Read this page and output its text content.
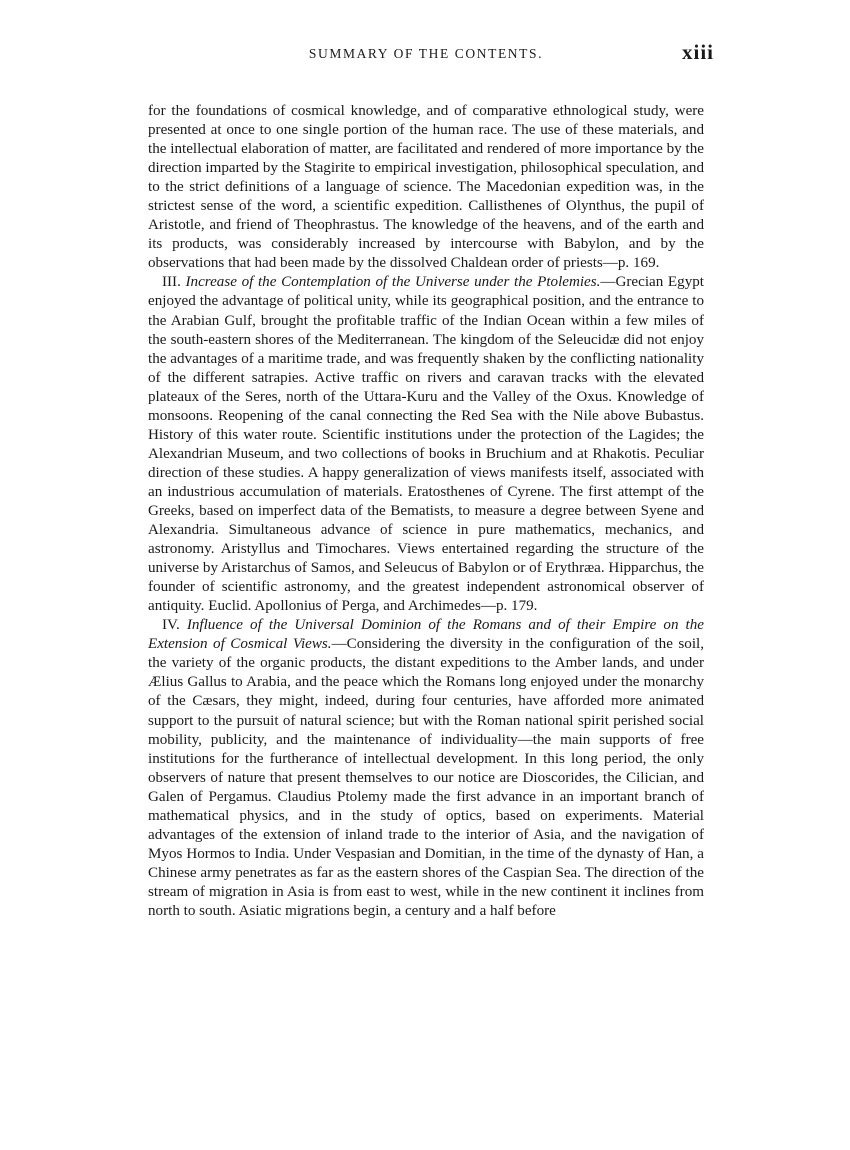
SUMMARY OF THE CONTENTS.	xiii

for the foundations of cosmical knowledge, and of comparative ethnological study, were presented at once to one single portion of the human race. The use of these materials, and the intellectual elaboration of matter, are facilitated and rendered of more importance by the direction imparted by the Stagirite to empirical investigation, philosophical speculation, and to the strict definitions of a language of science. The Macedonian expedition was, in the strictest sense of the word, a scientific expedition. Callisthenes of Olynthus, the pupil of Aristotle, and friend of Theophrastus. The knowledge of the heavens, and of the earth and its products, was considerably increased by intercourse with Babylon, and by the observations that had been made by the dissolved Chaldean order of priests—p. 169.

III. Increase of the Contemplation of the Universe under the Ptolemies.—Grecian Egypt enjoyed the advantage of political unity, while its geographical position, and the entrance to the Arabian Gulf, brought the profitable traffic of the Indian Ocean within a few miles of the south-eastern shores of the Mediterranean. The kingdom of the Seleucidæ did not enjoy the advantages of a maritime trade, and was frequently shaken by the conflicting nationality of the different satrapies. Active traffic on rivers and caravan tracks with the elevated plateaux of the Seres, north of the Uttara-Kuru and the Valley of the Oxus. Knowledge of monsoons. Reopening of the canal connecting the Red Sea with the Nile above Bubastus. History of this water route. Scientific institutions under the protection of the Lagides; the Alexandrian Museum, and two collections of books in Bruchium and at Rhakotis. Peculiar direction of these studies. A happy generalization of views manifests itself, associated with an industrious accumulation of materials. Eratosthenes of Cyrene. The first attempt of the Greeks, based on imperfect data of the Bematists, to measure a degree between Syene and Alexandria. Simultaneous advance of science in pure mathematics, mechanics, and astronomy. Aristyllus and Timochares. Views entertained regarding the structure of the universe by Aristarchus of Samos, and Seleucus of Babylon or of Erythræa. Hipparchus, the founder of scientific astronomy, and the greatest independent astronomical observer of antiquity. Euclid. Apollonius of Perga, and Archimedes—p. 179.

IV. Influence of the Universal Dominion of the Romans and of their Empire on the Extension of Cosmical Views.—Considering the diversity in the configuration of the soil, the variety of the organic products, the distant expeditions to the Amber lands, and under Ælius Gallus to Arabia, and the peace which the Romans long enjoyed under the monarchy of the Cæsars, they might, indeed, during four centuries, have afforded more animated support to the pursuit of natural science; but with the Roman national spirit perished social mobility, publicity, and the maintenance of individuality—the main supports of free institutions for the furtherance of intellectual development. In this long period, the only observers of nature that present themselves to our notice are Dioscorides, the Cilician, and Galen of Pergamus. Claudius Ptolemy made the first advance in an important branch of mathematical physics, and in the study of optics, based on experiments. Material advantages of the extension of inland trade to the interior of Asia, and the navigation of Myos Hormos to India. Under Vespasian and Domitian, in the time of the dynasty of Han, a Chinese army penetrates as far as the eastern shores of the Caspian Sea. The direction of the stream of migration in Asia is from east to west, while in the new continent it inclines from north to south. Asiatic migrations begin, a century and a half before
